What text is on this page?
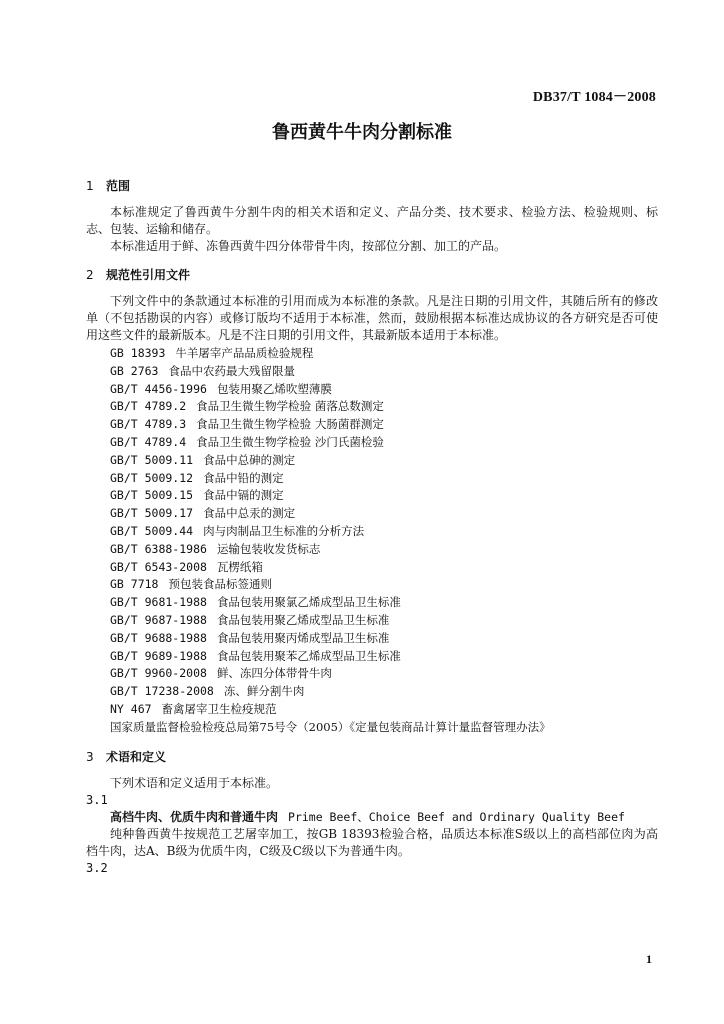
DB37/T 1084－2008
鲁西黄牛牛肉分割标准
1 范围

本标准规定了鲁西黄牛分割牛肉的相关术语和定义、产品分类、技术要求、检验方法、检验规则、标志、包装、运输和储存。

本标准适用于鲜、冻鲁西黄牛四分体带骨牛肉，按部位分割、加工的产品。

2 规范性引用文件

下列文件中的条款通过本标准的引用而成为本标准的条款。凡是注日期的引用文件，其随后所有的修改单（不包括勘误的内容）或修订版均不适用于本标准，然而，鼓励根据本标准达成协议的各方研究是否可使用这些文件的最新版本。凡是不注日期的引用文件，其最新版本适用于本标准。

GB 18393 牛羊屠宰产品品质检验规程
GB 2763 食品中农药最大残留限量
GB/T 4456-1996 包装用聚乙烯吹塑薄膜
GB/T 4789.2 食品卫生微生物学检验 菌落总数测定
GB/T 4789.3 食品卫生微生物学检验 大肠菌群测定
GB/T 4789.4 食品卫生微生物学检验 沙门氏菌检验
GB/T 5009.11 食品中总砷的测定
GB/T 5009.12 食品中铅的测定
GB/T 5009.15 食品中镉的测定
GB/T 5009.17 食品中总汞的测定
GB/T 5009.44 肉与肉制品卫生标准的分析方法
GB/T 6388-1986 运输包装收发货标志
GB/T 6543-2008 瓦楞纸箱
GB 7718 预包装食品标签通则
GB/T 9681-1988 食品包装用聚氯乙烯成型品卫生标准
GB/T 9687-1988 食品包装用聚乙烯成型品卫生标准
GB/T 9688-1988 食品包装用聚丙烯成型品卫生标准
GB/T 9689-1988 食品包装用聚苯乙烯成型品卫生标准
GB/T 9960-2008 鲜、冻四分体带骨牛肉
GB/T 17238-2008 冻、鲜分割牛肉
NY 467 畜禽屠宰卫生检疫规范
国家质量监督检验检疫总局第75号令（2005）《定量包装商品计算计量监督管理办法》
3 术语和定义

下列术语和定义适用于本标准。

3.1

高档牛肉、优质牛肉和普通牛肉 Prime Beef、Choice Beef and Ordinary Quality Beef

纯种鲁西黄牛按规范工艺屠宰加工，按GB 18393检验合格，品质达本标准S级以上的高档部位肉为高档牛肉，达A、B级为优质牛肉，C级及C级以下为普通牛肉。

3.2

1
